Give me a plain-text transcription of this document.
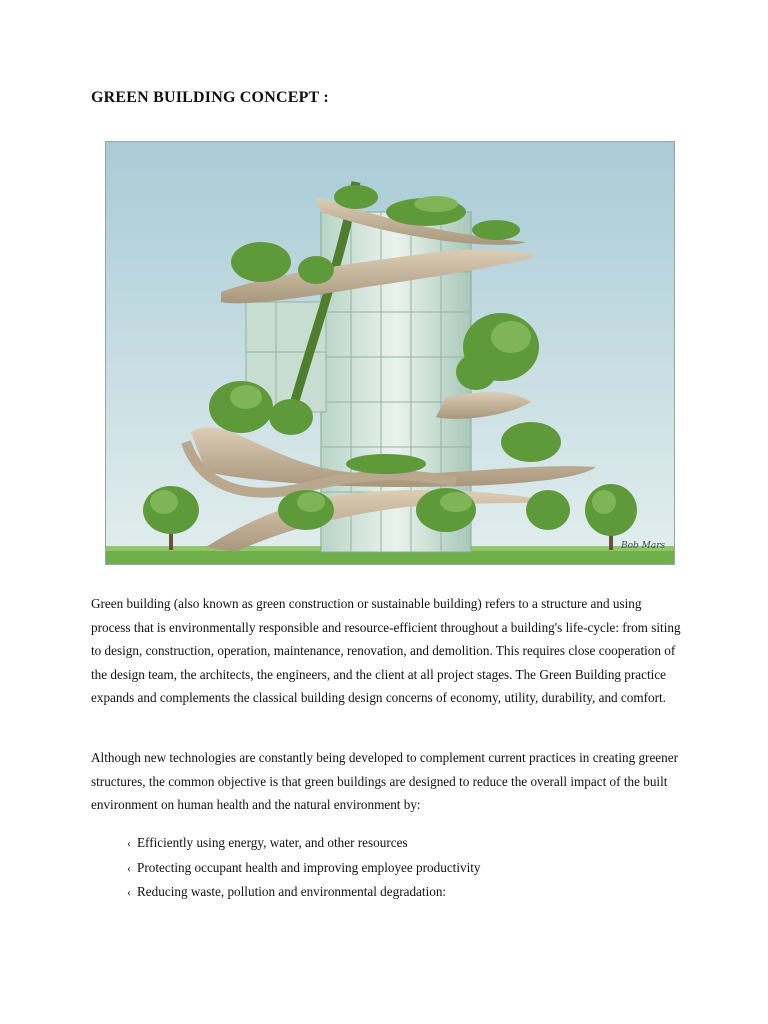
GREEN BUILDING CONCEPT :
Bob Mars

Green building (also known as green construction or sustainable building) refers to a structure and using process that is environmentally responsible and resource-efficient throughout a building's life-cycle: from siting to design, construction, operation, maintenance, renovation, and demolition. This requires close cooperation of the design team, the architects, the engineers, and the client at all project stages. The Green Building practice expands and complements the classical building design concerns of economy, utility, durability, and comfort.

Although new technologies are constantly being developed to complement current practices in creating greener structures, the common objective is that green buildings are designed to reduce the overall impact of the built environment on human health and the natural environment by:

‹ Efficiently using energy, water, and other resources
‹ Protecting occupant health and improving employee productivity
‹ Reducing waste, pollution and environmental degradation:
